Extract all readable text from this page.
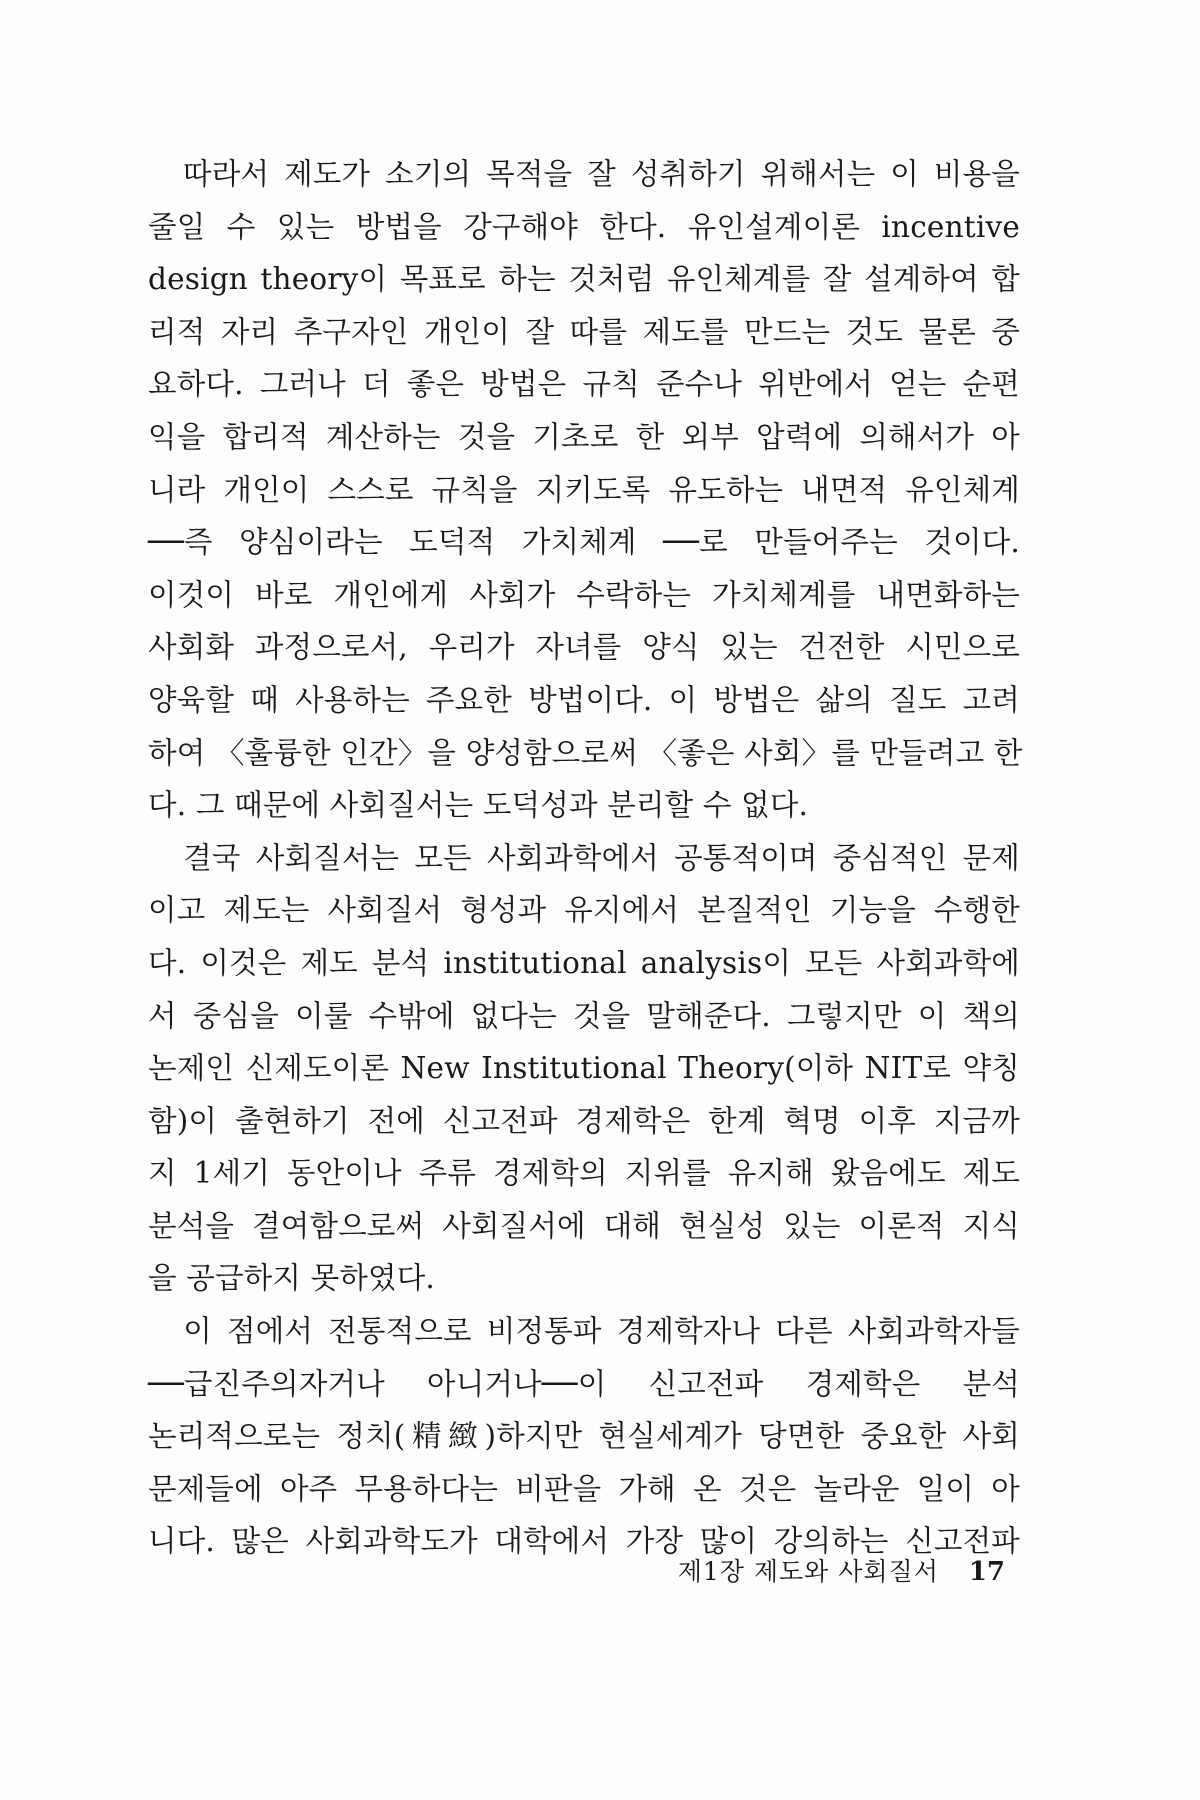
　따라서 제도가 소기의 목적을 잘 성취하기 위해서는 이 비용을
줄일 수 있는 방법을 강구해야 한다. 유인설계이론 incentive
design theory이 목표로 하는 것처럼 유인체계를 잘 설계하여 합
리적 자리 추구자인 개인이 잘 따를 제도를 만드는 것도 물론 중
요하다. 그러나 더 좋은 방법은 규칙 준수나 위반에서 얻는 순편
익을 합리적 계산하는 것을 기초로 한 외부 압력에 의해서가 아
니라 개인이 스스로 규칙을 지키도록 유도하는 내면적 유인체계
──즉 양심이라는 도덕적 가치체계 ──로 만들어주는 것이다.
이것이 바로 개인에게 사회가 수락하는 가치체계를 내면화하는
사회화 과정으로서, 우리가 자녀를 양식 있는 건전한 시민으로
양육할 때 사용하는 주요한 방법이다. 이 방법은 삶의 질도 고려
하여 〈훌륭한 인간〉을 양성함으로써 〈좋은 사회〉를 만들려고 한
다. 그 때문에 사회질서는 도덕성과 분리할 수 없다.
　결국 사회질서는 모든 사회과학에서 공통적이며 중심적인 문제
이고 제도는 사회질서 형성과 유지에서 본질적인 기능을 수행한
다. 이것은 제도 분석 institutional analysis이 모든 사회과학에
서 중심을 이룰 수밖에 없다는 것을 말해준다. 그렇지만 이 책의
논제인 신제도이론 New Institutional Theory(이하 NIT로 약칭
함)이 출현하기 전에 신고전파 경제학은 한계 혁명 이후 지금까
지 1세기 동안이나 주류 경제학의 지위를 유지해 왔음에도 제도
분석을 결여함으로써 사회질서에 대해 현실성 있는 이론적 지식
을 공급하지 못하였다.
　이 점에서 전통적으로 비정통파 경제학자나 다른 사회과학자들
──급진주의자거나 아니거나──이 신고전파 경제학은 분석
논리적으로는 정치(精緻)하지만 현실세계가 당면한 중요한 사회
문제들에 아주 무용하다는 비판을 가해 온 것은 놀라운 일이 아
니다. 많은 사회과학도가 대학에서 가장 많이 강의하는 신고전파
제1장 제도와 사회질서 17
